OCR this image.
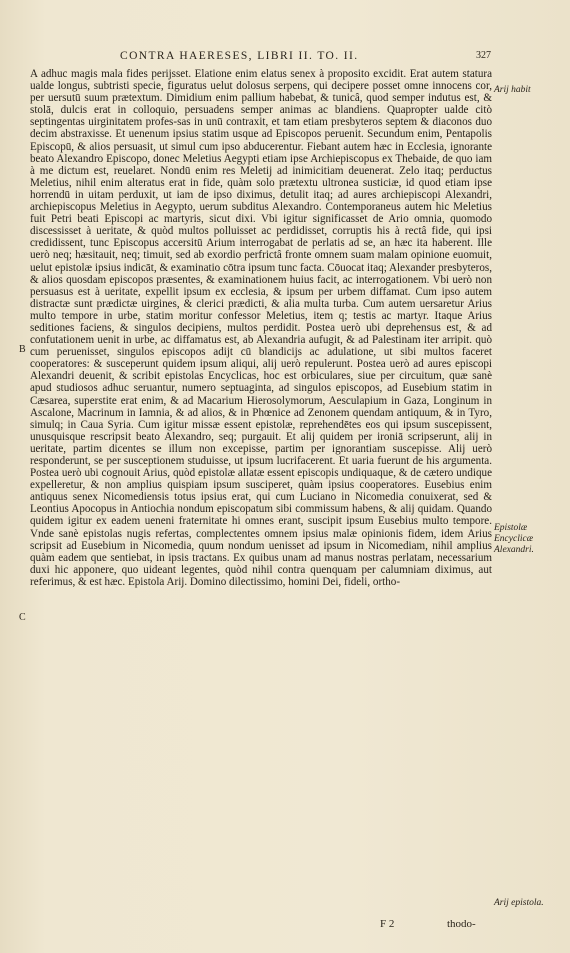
CONTRA HAERESES, LIBRI II. TO. II.	327
B
C

A adhuc magis mala fides perijsset. Elatione enim elatus senex à proposito excidit. Erat autem statura ualde longus, subtristi specie, figuratus uelut dolosus serpens, qui decipere posset omne innocens cor, per uersutū suum prætextum. Dimidium enim pallium habebat, & tunicâ, quod semper indutus est, & stolā, dulcis erat in colloquio, persuadens semper animas ac blandiens. Quapropter ualde citò septingentas uirginitatem profes-sas in unū contraxit, et tam etiam presbyteros septem & diaconos duo decim abstraxisse. Et uenenum ipsius statim usque ad Episcopos peruenit. Secundum enim, Pentapolis Episcopū, & alios persuasit, ut simul cum ipso abducerentur. Fiebant autem hæc in Ecclesia, ignorante beato Alexandro Episcopo, donec Meletius Aegypti etiam ipse Archiepiscopus ex Thebaide, de quo iam à me dictum est, reuelaret. Nondū enim res Meletij ad inimicitiam deuenerat. Zelo itaq; perductus Meletius, nihil enim alteratus erat in fide, quàm solo prætextu ultronea susticiæ, id quod etiam ipse horrendū in uitam perduxit, ut iam de ipso diximus, detulit itaq; ad aures archiepiscopi Alexandri, archiepiscopus Meletius in Aegypto, uerum subditus Alexandro. Contemporaneus autem hic Meletius fuit Petri beati Episcopi ac martyris, sicut dixi. Vbi igitur significasset de Ario omnia, quomodo discessisset à ueritate, & quòd multos polluisset ac perdidisset, corruptis his à rectâ fide, qui ipsi credidissent, tunc Episcopus accersitū Arium interrogabat de perlatis ad se, an hæc ita haberent. Ille uerò neq; hæsitauit, neq; timuit, sed ab exordio perfrictâ fronte omnem suam malam opinione euomuit, uelut epistolæ ipsius indicāt, & examinatio cōtra ipsum tunc facta. Cōuocat itaq; Alexander presbyteros, & alios quosdam episcopos præsentes, & examinationem huius facit, ac interrogationem. Vbi uerò non persuasus est à ueritate, expellit ipsum ex ecclesia, & ipsum per urbem diffamat. Cum ipso autem distractæ sunt prædictæ uirgines, & clerici prædicti, & alia multa turba. Cum autem uersaretur Arius multo tempore in urbe, statim moritur confessor Meletius, item q; testis ac martyr. Itaque Arius seditiones faciens, & singulos decipiens, multos perdidit. Postea uerò ubi deprehensus est, & ad confutationem uenit in urbe, ac diffamatus est, ab Alexandria aufugit, & ad Palestinam iter arripit. quò cum peruenisset, singulos episcopos adijt cū blandicijs ac adulatione, ut sibi multos faceret cooperatores: & susceperunt quidem ipsum aliqui, alij uerò repulerunt. Postea uerò ad aures episcopi Alexandri deuenit, & scribit epistolas Encyclicas, hoc est orbiculares, siue per circuitum, quæ sanè apud studiosos adhuc seruantur, numero septuaginta, ad singulos episcopos, ad Eusebium statim in Cæsarea, superstite erat enim, & ad Macarium Hierosolymorum, Aesculapium in Gaza, Longinum in Ascalone, Macrinum in Iamnia, & ad alios, & in Phœnice ad Zenonem quendam antiquum, & in Tyro, simulq; in Caua Syria. Cum igitur missæ essent epistolæ, reprehendētes eos qui ipsum suscepissent, unusquisque rescripsit beato Alexandro, seq; purgauit. Et alij quidem per ironiā scripserunt, alij in ueritate, partim dicentes se illum non excepisse, partim per ignorantiam suscepisse. Alij uerò responderunt, se per susceptionem studuisse, ut ipsum lucrifacerent. Et uaria fuerunt de his argumenta. Postea uerò ubi cognouit Arius, quòd epistolæ allatæ essent episcopis undiquaque, & de cætero undique expelleretur, & non amplius quispiam ipsum susciperet, quàm ipsius cooperatores. Eusebius enim antiquus senex Nicomediensis totus ipsius erat, qui cum Luciano in Nicomedia conuixerat, sed & Leontius Apocopus in Antiochia nondum episcopatum sibi commissum habens, & alij quidam. Quando quidem igitur ex eadem ueneni fraternitate hi omnes erant, suscipit ipsum Eusebius multo tempore. Vnde sanè epistolas nugis refertas, complectentes omnem ipsius malæ opinionis fidem, idem Arius scripsit ad Eusebium in Nicomedia, quum nondum uenisset ad ipsum in Nicomediam, nihil amplius quàm eadem que sentiebat, in ipsis tractans. Ex quibus unam ad manus nostras perlatam, necessarium duxi hic apponere, quo uideant legentes, quòd nihil contra quenquam per calumniam diximus, aut referimus, & est hæc. Epistola Arij. Domino dilectissimo, homini Dei, fideli, ortho-

Arij habit
Epistolæ Encyclicæ Alexandri.
Arij epistola.
F 2	thodo-
